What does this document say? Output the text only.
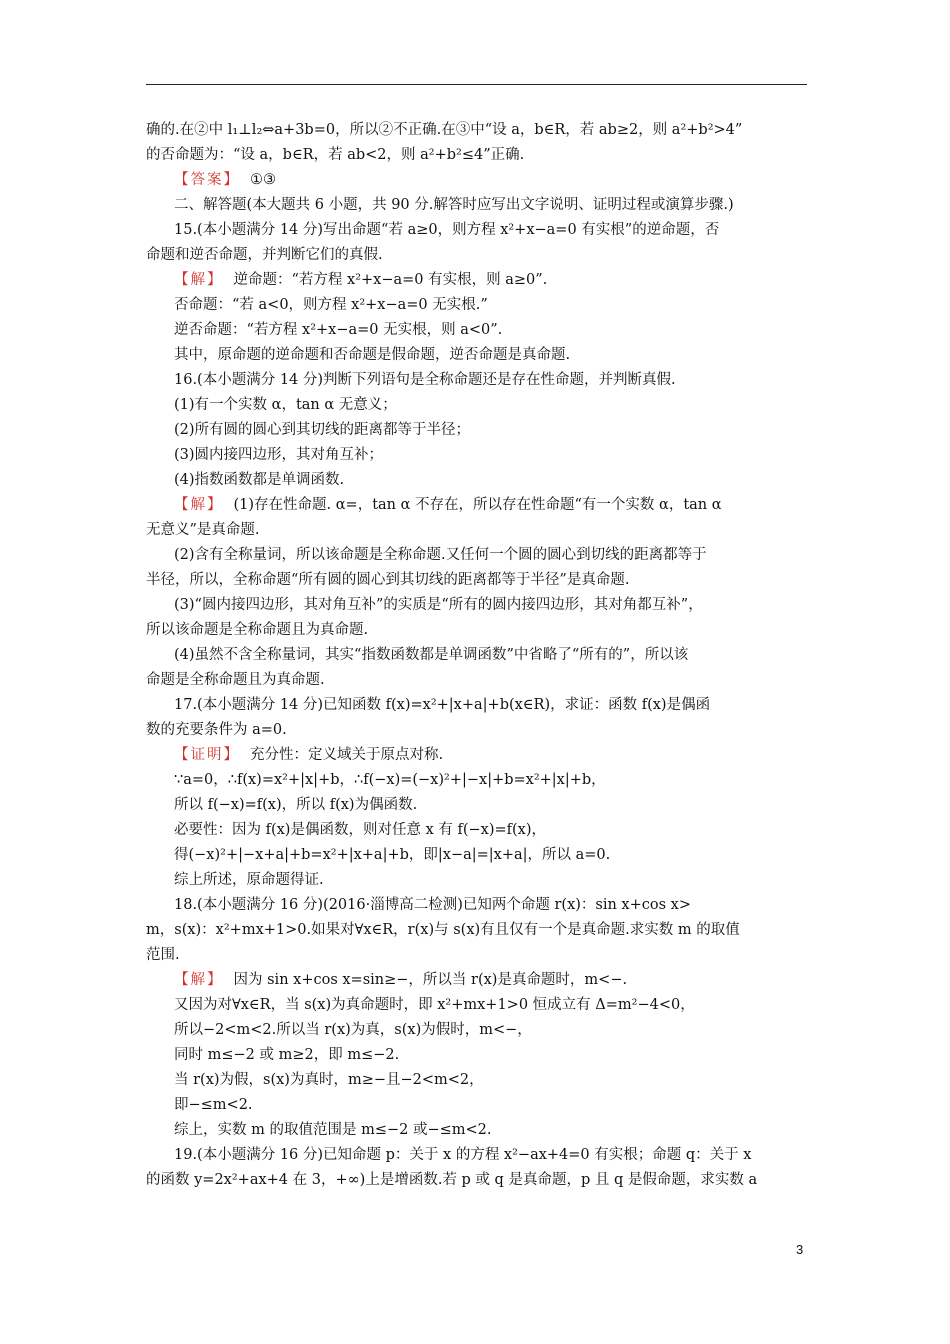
确的.在②中 l₁⊥l₂⇔a+3b=0，所以②不正确.在③中“设 a，b∈R，若 ab≥2，则 a²+b²>4”
的否命题为：“设 a，b∈R，若 ab<2，则 a²+b²≤4”正确.
【答案】 ①③
二、解答题(本大题共 6 小题，共 90 分.解答时应写出文字说明、证明过程或演算步骤.)
15.(本小题满分 14 分)写出命题“若 a≥0，则方程 x²+x−a=0 有实根”的逆命题，否
命题和逆否命题，并判断它们的真假.
【解】 逆命题：“若方程 x²+x−a=0 有实根，则 a≥0”.
否命题：“若 a<0，则方程 x²+x−a=0 无实根.”
逆否命题：“若方程 x²+x−a=0 无实根，则 a<0”.
其中，原命题的逆命题和否命题是假命题，逆否命题是真命题.
16.(本小题满分 14 分)判断下列语句是全称命题还是存在性命题，并判断真假.
(1)有一个实数 α，tan α 无意义；
(2)所有圆的圆心到其切线的距离都等于半径；
(3)圆内接四边形，其对角互补；
(4)指数函数都是单调函数.
【解】 (1)存在性命题. α=，tan α 不存在，所以存在性命题“有一个实数 α，tan α
无意义”是真命题.
(2)含有全称量词，所以该命题是全称命题.又任何一个圆的圆心到切线的距离都等于
半径，所以，全称命题“所有圆的圆心到其切线的距离都等于半径”是真命题.
(3)“圆内接四边形，其对角互补”的实质是“所有的圆内接四边形，其对角都互补”，
所以该命题是全称命题且为真命题.
(4)虽然不含全称量词，其实“指数函数都是单调函数”中省略了“所有的”，所以该
命题是全称命题且为真命题.
17.(本小题满分 14 分)已知函数 f(x)=x²+|x+a|+b(x∈R)，求证：函数 f(x)是偶函
数的充要条件为 a=0.
【证明】 充分性：定义域关于原点对称.
∵a=0，∴f(x)=x²+|x|+b，∴f(−x)=(−x)²+|−x|+b=x²+|x|+b，
所以 f(−x)=f(x)，所以 f(x)为偶函数.
必要性：因为 f(x)是偶函数，则对任意 x 有 f(−x)=f(x)，
得(−x)²+|−x+a|+b=x²+|x+a|+b，即|x−a|=|x+a|，所以 a=0.
综上所述，原命题得证.
18.(本小题满分 16 分)(2016·淄博高二检测)已知两个命题 r(x)：sin x+cos x>
m，s(x)：x²+mx+1>0.如果对∀x∈R，r(x)与 s(x)有且仅有一个是真命题.求实数 m 的取值
范围.
【解】 因为 sin x+cos x=sin≥−，所以当 r(x)是真命题时，m<−.
又因为对∀x∈R，当 s(x)为真命题时，即 x²+mx+1>0 恒成立有 Δ=m²−4<0，
所以−2<m<2.所以当 r(x)为真，s(x)为假时，m<−，
同时 m≤−2 或 m≥2，即 m≤−2.
当 r(x)为假，s(x)为真时，m≥−且−2<m<2，
即−≤m<2.
综上，实数 m 的取值范围是 m≤−2 或−≤m<2.
19.(本小题满分 16 分)已知命题 p：关于 x 的方程 x²−ax+4=0 有实根；命题 q：关于 x
的函数 y=2x²+ax+4 在 3，+∞)上是增函数.若 p 或 q 是真命题，p 且 q 是假命题，求实数 a
3
